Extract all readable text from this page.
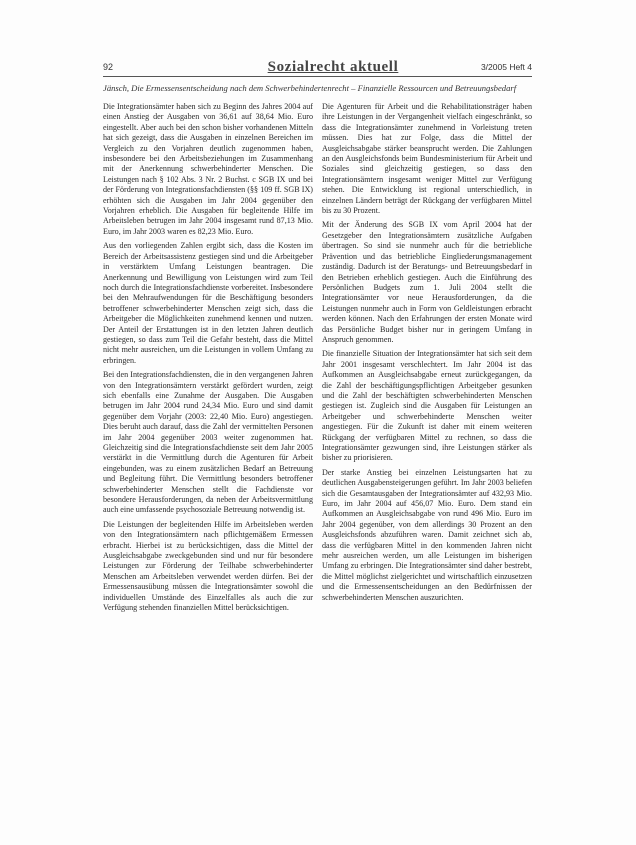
92	Sozialrecht aktuell	3/2005 Heft 4
Jänsch, Die Ermessensentscheidung nach dem Schwerbehindertenrecht – Finanzielle Ressourcen und Betreuungsbedarf

Die Integrationsämter haben sich zu Beginn des Jahres 2004 auf einen Anstieg der Ausgaben von 36,61 auf 38,64 Mio. Euro eingestellt. Aber auch bei den schon bisher vorhandenen Mitteln hat sich gezeigt, dass die Ausgaben in einzelnen Bereichen im Vergleich zu den Vorjahren deutlich zugenommen haben, insbesondere bei den Arbeitsbeziehungen im Zusammenhang mit der Anerkennung schwerbehinderter Menschen. Die Leistungen nach § 102 Abs. 3 Nr. 2 Buchst. c SGB IX und bei der Förderung von Integrationsfachdiensten (§§ 109 ff. SGB IX) erhöhten sich die Ausgaben im Jahr 2004 gegenüber den Vorjahren erheblich. Die Ausgaben für begleitende Hilfe im Arbeitsleben betrugen im Jahr 2004 insgesamt rund 87,13 Mio. Euro, im Jahr 2003 waren es 82,23 Mio. Euro.

Aus den vorliegenden Zahlen ergibt sich, dass die Kosten im Bereich der Arbeitsassistenz gestiegen sind und die Arbeitgeber in verstärktem Umfang Leistungen beantragen. Die Anerkennung und Bewilligung von Leistungen wird zum Teil noch durch die Integrationsfachdienste vorbereitet. Insbesondere bei den Mehraufwendungen für die Beschäftigung besonders betroffener schwerbehinderter Menschen zeigt sich, dass die Arbeitgeber die Möglichkeiten zunehmend kennen und nutzen. Der Anteil der Erstattungen ist in den letzten Jahren deutlich gestiegen, so dass zum Teil die Gefahr besteht, dass die Mittel nicht mehr ausreichen, um die Leistungen in vollem Umfang zu erbringen.

Bei den Integrationsfachdiensten, die in den vergangenen Jahren von den Integrationsämtern verstärkt gefördert wurden, zeigt sich ebenfalls eine Zunahme der Ausgaben. Die Ausgaben betrugen im Jahr 2004 rund 24,34 Mio. Euro und sind damit gegenüber dem Vorjahr (2003: 22,40 Mio. Euro) angestiegen. Dies beruht auch darauf, dass die Zahl der vermittelten Personen im Jahr 2004 gegenüber 2003 weiter zugenommen hat. Gleichzeitig sind die Integrationsfachdienste seit dem Jahr 2005 verstärkt in die Vermittlung durch die Agenturen für Arbeit eingebunden, was zu einem zusätzlichen Bedarf an Betreuung und Begleitung führt. Die Vermittlung besonders betroffener schwerbehinderter Menschen stellt die Fachdienste vor besondere Herausforderungen, da neben der Arbeitsvermittlung auch eine umfassende psychosoziale Betreuung notwendig ist.

Die Leistungen der begleitenden Hilfe im Arbeitsleben werden von den Integrationsämtern nach pflichtgemäßem Ermessen erbracht. Hierbei ist zu berücksichtigen, dass die Mittel der Ausgleichsabgabe zweckgebunden sind und nur für besondere Leistungen zur Förderung der Teilhabe schwerbehinderter Menschen am Arbeitsleben verwendet werden dürfen. Bei der Ermessensausübung müssen die Integrationsämter sowohl die individuellen Umstände des Einzelfalles als auch die zur Verfügung stehenden finanziellen Mittel berücksichtigen.

Die Agenturen für Arbeit und die Rehabilitationsträger haben ihre Leistungen in der Vergangenheit vielfach eingeschränkt, so dass die Integrationsämter zunehmend in Vorleistung treten müssen. Dies hat zur Folge, dass die Mittel der Ausgleichsabgabe stärker beansprucht werden. Die Zahlungen an den Ausgleichsfonds beim Bundesministerium für Arbeit und Soziales sind gleichzeitig gestiegen, so dass den Integrationsämtern insgesamt weniger Mittel zur Verfügung stehen. Die Entwicklung ist regional unterschiedlich, in einzelnen Ländern beträgt der Rückgang der verfügbaren Mittel bis zu 30 Prozent.

Mit der Änderung des SGB IX vom April 2004 hat der Gesetzgeber den Integrationsämtern zusätzliche Aufgaben übertragen. So sind sie nunmehr auch für die betriebliche Prävention und das betriebliche Eingliederungsmanagement zuständig. Dadurch ist der Beratungs- und Betreuungsbedarf in den Betrieben erheblich gestiegen. Auch die Einführung des Persönlichen Budgets zum 1. Juli 2004 stellt die Integrationsämter vor neue Herausforderungen, da die Leistungen nunmehr auch in Form von Geldleistungen erbracht werden können. Nach den Erfahrungen der ersten Monate wird das Persönliche Budget bisher nur in geringem Umfang in Anspruch genommen.

Die finanzielle Situation der Integrationsämter hat sich seit dem Jahr 2001 insgesamt verschlechtert. Im Jahr 2004 ist das Aufkommen an Ausgleichsabgabe erneut zurückgegangen, da die Zahl der beschäftigungspflichtigen Arbeitgeber gesunken und die Zahl der beschäftigten schwerbehinderten Menschen gestiegen ist. Zugleich sind die Ausgaben für Leistungen an Arbeitgeber und schwerbehinderte Menschen weiter angestiegen. Für die Zukunft ist daher mit einem weiteren Rückgang der verfügbaren Mittel zu rechnen, so dass die Integrationsämter gezwungen sind, ihre Leistungen stärker als bisher zu priorisieren.

Der starke Anstieg bei einzelnen Leistungsarten hat zu deutlichen Ausgabensteigerungen geführt. Im Jahr 2003 beliefen sich die Gesamtausgaben der Integrationsämter auf 432,93 Mio. Euro, im Jahr 2004 auf 456,07 Mio. Euro. Dem stand ein Aufkommen an Ausgleichsabgabe von rund 496 Mio. Euro im Jahr 2004 gegenüber, von dem allerdings 30 Prozent an den Ausgleichsfonds abzuführen waren. Damit zeichnet sich ab, dass die verfügbaren Mittel in den kommenden Jahren nicht mehr ausreichen werden, um alle Leistungen im bisherigen Umfang zu erbringen. Die Integrationsämter sind daher bestrebt, die Mittel möglichst zielgerichtet und wirtschaftlich einzusetzen und die Ermessensentscheidungen an den Bedürfnissen der schwerbehinderten Menschen auszurichten.
